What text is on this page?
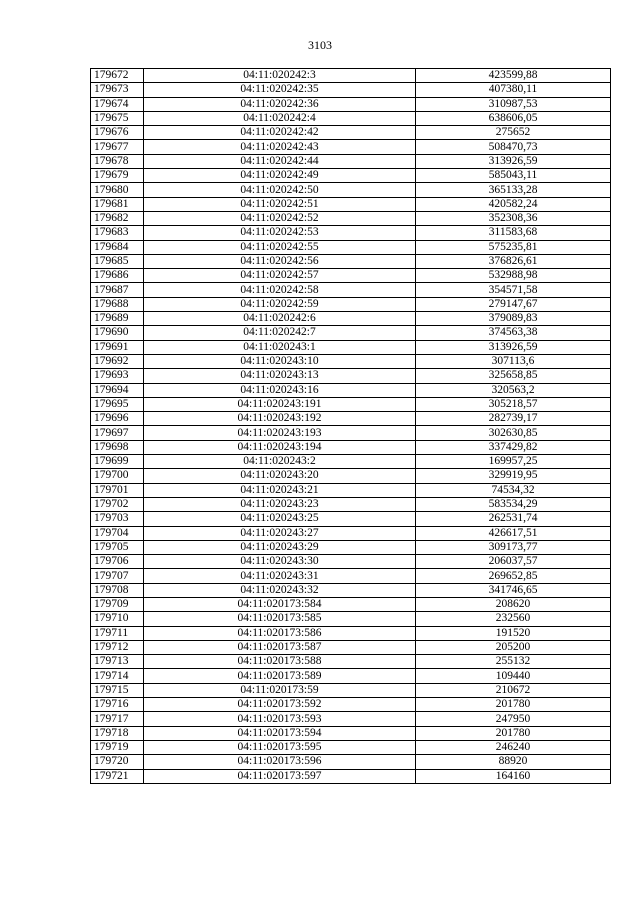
3103
179672	04:11:020242:3	423599,88
179673	04:11:020242:35	407380,11
179674	04:11:020242:36	310987,53
179675	04:11:020242:4	638606,05
179676	04:11:020242:42	275652
179677	04:11:020242:43	508470,73
179678	04:11:020242:44	313926,59
179679	04:11:020242:49	585043,11
179680	04:11:020242:50	365133,28
179681	04:11:020242:51	420582,24
179682	04:11:020242:52	352308,36
179683	04:11:020242:53	311583,68
179684	04:11:020242:55	575235,81
179685	04:11:020242:56	376826,61
179686	04:11:020242:57	532988,98
179687	04:11:020242:58	354571,58
179688	04:11:020242:59	279147,67
179689	04:11:020242:6	379089,83
179690	04:11:020242:7	374563,38
179691	04:11:020243:1	313926,59
179692	04:11:020243:10	307113,6
179693	04:11:020243:13	325658,85
179694	04:11:020243:16	320563,2
179695	04:11:020243:191	305218,57
179696	04:11:020243:192	282739,17
179697	04:11:020243:193	302630,85
179698	04:11:020243:194	337429,82
179699	04:11:020243:2	169957,25
179700	04:11:020243:20	329919,95
179701	04:11:020243:21	74534,32
179702	04:11:020243:23	583534,29
179703	04:11:020243:25	262531,74
179704	04:11:020243:27	426617,51
179705	04:11:020243:29	309173,77
179706	04:11:020243:30	206037,57
179707	04:11:020243:31	269652,85
179708	04:11:020243:32	341746,65
179709	04:11:020173:584	208620
179710	04:11:020173:585	232560
179711	04:11:020173:586	191520
179712	04:11:020173:587	205200
179713	04:11:020173:588	255132
179714	04:11:020173:589	109440
179715	04:11:020173:59	210672
179716	04:11:020173:592	201780
179717	04:11:020173:593	247950
179718	04:11:020173:594	201780
179719	04:11:020173:595	246240
179720	04:11:020173:596	88920
179721	04:11:020173:597	164160
